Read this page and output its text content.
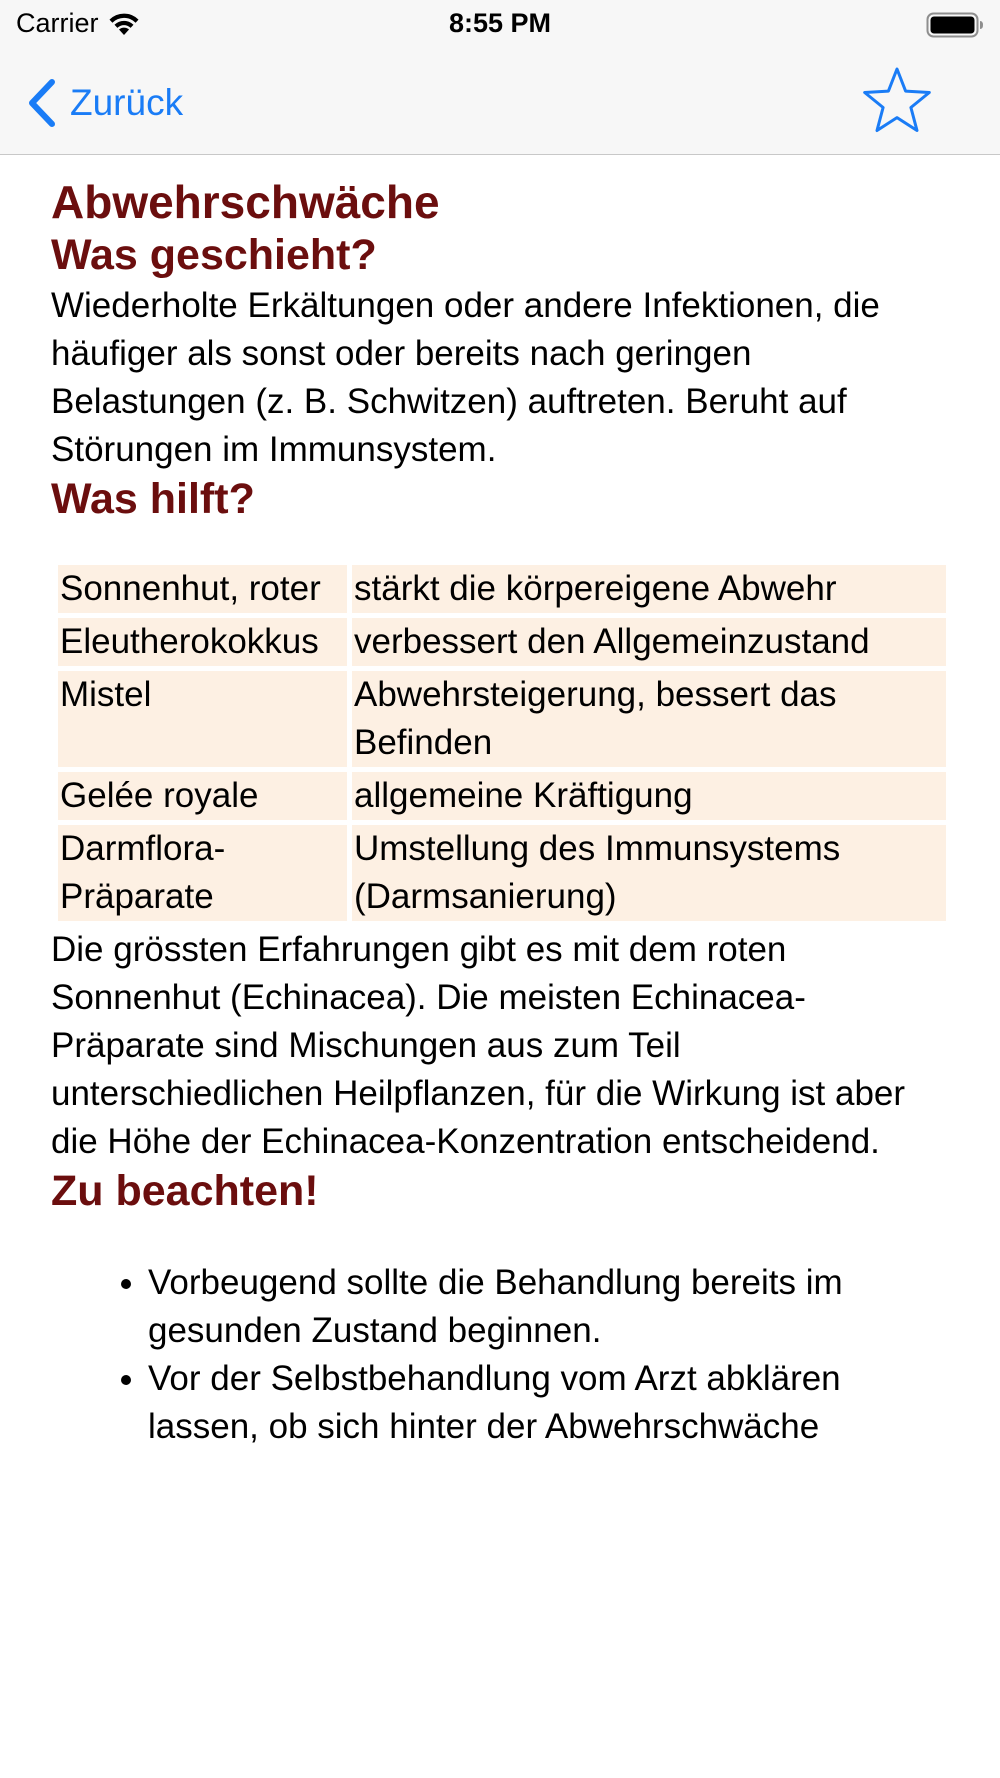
Carrier	8:55 PM
Zurück
Abwehrschwäche
Was geschieht?

Wiederholte Erkältungen oder andere Infektionen, die häufiger als sonst oder bereits nach geringen Belastungen (z. B. Schwitzen) auftreten. Beruht auf Störungen im Immunsystem.

Was hilft?
Sonnenhut, roter	stärkt die körpereigene Abwehr
Eleutherokokkus	verbessert den Allgemeinzustand
Mistel	Abwehrsteigerung, bessert das Befinden
Gelée royale	allgemeine Kräftigung
Darmflora-Präparate	Umstellung des Immunsystems (Darmsanierung)

Die grössten Erfahrungen gibt es mit dem roten Sonnenhut (Echinacea). Die meisten Echinacea-Präparate sind Mischungen aus zum Teil unterschiedlichen Heilpflanzen, für die Wirkung ist aber die Höhe der Echinacea-Konzentration entscheidend.

Zu beachten!
• Vorbeugend sollte die Behandlung bereits im gesunden Zustand beginnen.
• Vor der Selbstbehandlung vom Arzt abklären lassen, ob sich hinter der Abwehrschwäche
